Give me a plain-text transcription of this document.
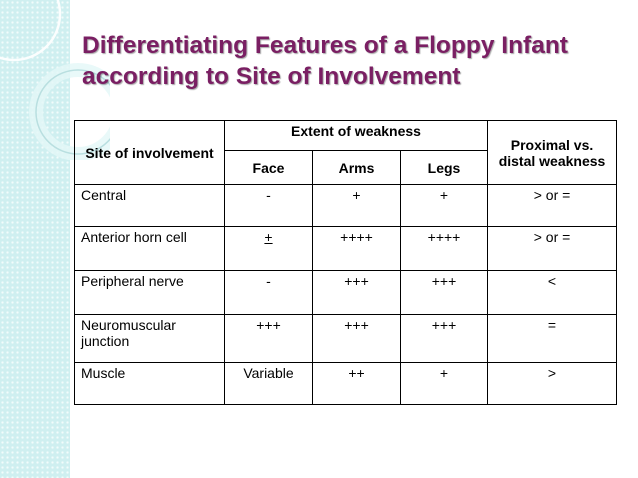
Differentiating Features of a Floppy Infant
according to Site of Involvement
Site of involvement	Extent of weakness			Proximal vs. distal weakness
	Face	Arms	Legs	
Central	-	+	+	> or =
Anterior horn cell	+	++++	++++	> or =
Peripheral nerve	-	+++	+++	<
Neuromuscular junction	+++	+++	+++	=
Muscle	Variable	++	+	>
